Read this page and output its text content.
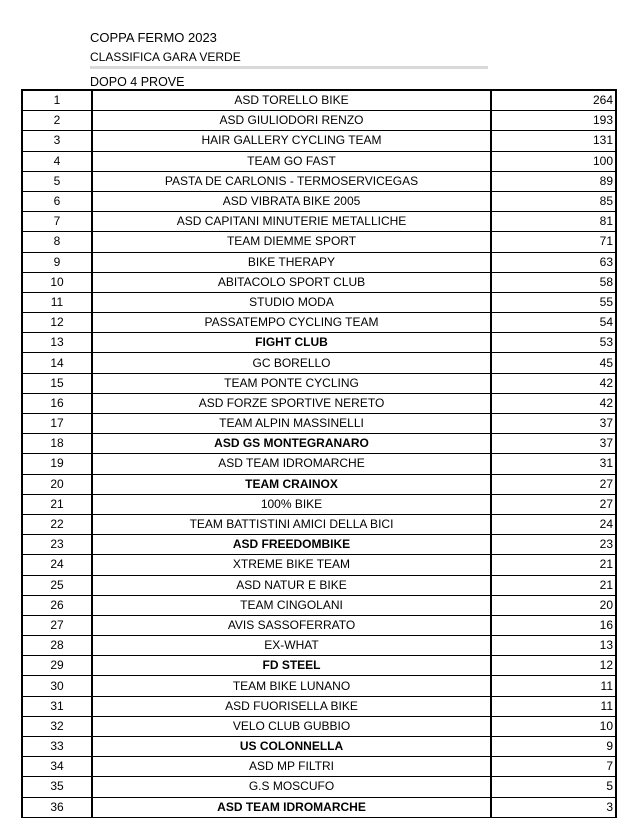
COPPA FERMO 2023
CLASSIFICA GARA VERDE
DOPO 4 PROVE
1	ASD TORELLO BIKE	264
2	ASD GIULIODORI RENZO	193
3	HAIR GALLERY CYCLING TEAM	131
4	TEAM GO FAST	100
5	PASTA DE CARLONIS - TERMOSERVICEGAS	89
6	ASD VIBRATA BIKE 2005	85
7	ASD CAPITANI MINUTERIE METALLICHE	81
8	TEAM DIEMME SPORT	71
9	BIKE THERAPY	63
10	ABITACOLO SPORT CLUB	58
11	STUDIO MODA	55
12	PASSATEMPO CYCLING TEAM	54
13	FIGHT CLUB	53
14	GC BORELLO	45
15	TEAM PONTE CYCLING	42
16	ASD FORZE SPORTIVE NERETO	42
17	TEAM ALPIN MASSINELLI	37
18	ASD GS MONTEGRANARO	37
19	ASD TEAM IDROMARCHE	31
20	TEAM CRAINOX	27
21	100% BIKE	27
22	TEAM BATTISTINI AMICI DELLA BICI	24
23	ASD FREEDOMBIKE	23
24	XTREME BIKE TEAM	21
25	ASD NATUR E BIKE	21
26	TEAM CINGOLANI	20
27	AVIS SASSOFERRATO	16
28	EX-WHAT	13
29	FD STEEL	12
30	TEAM BIKE LUNANO	11
31	ASD FUORISELLA BIKE	11
32	VELO CLUB GUBBIO	10
33	US COLONNELLA	9
34	ASD MP FILTRI	7
35	G.S MOSCUFO	5
36	ASD TEAM IDROMARCHE	3
